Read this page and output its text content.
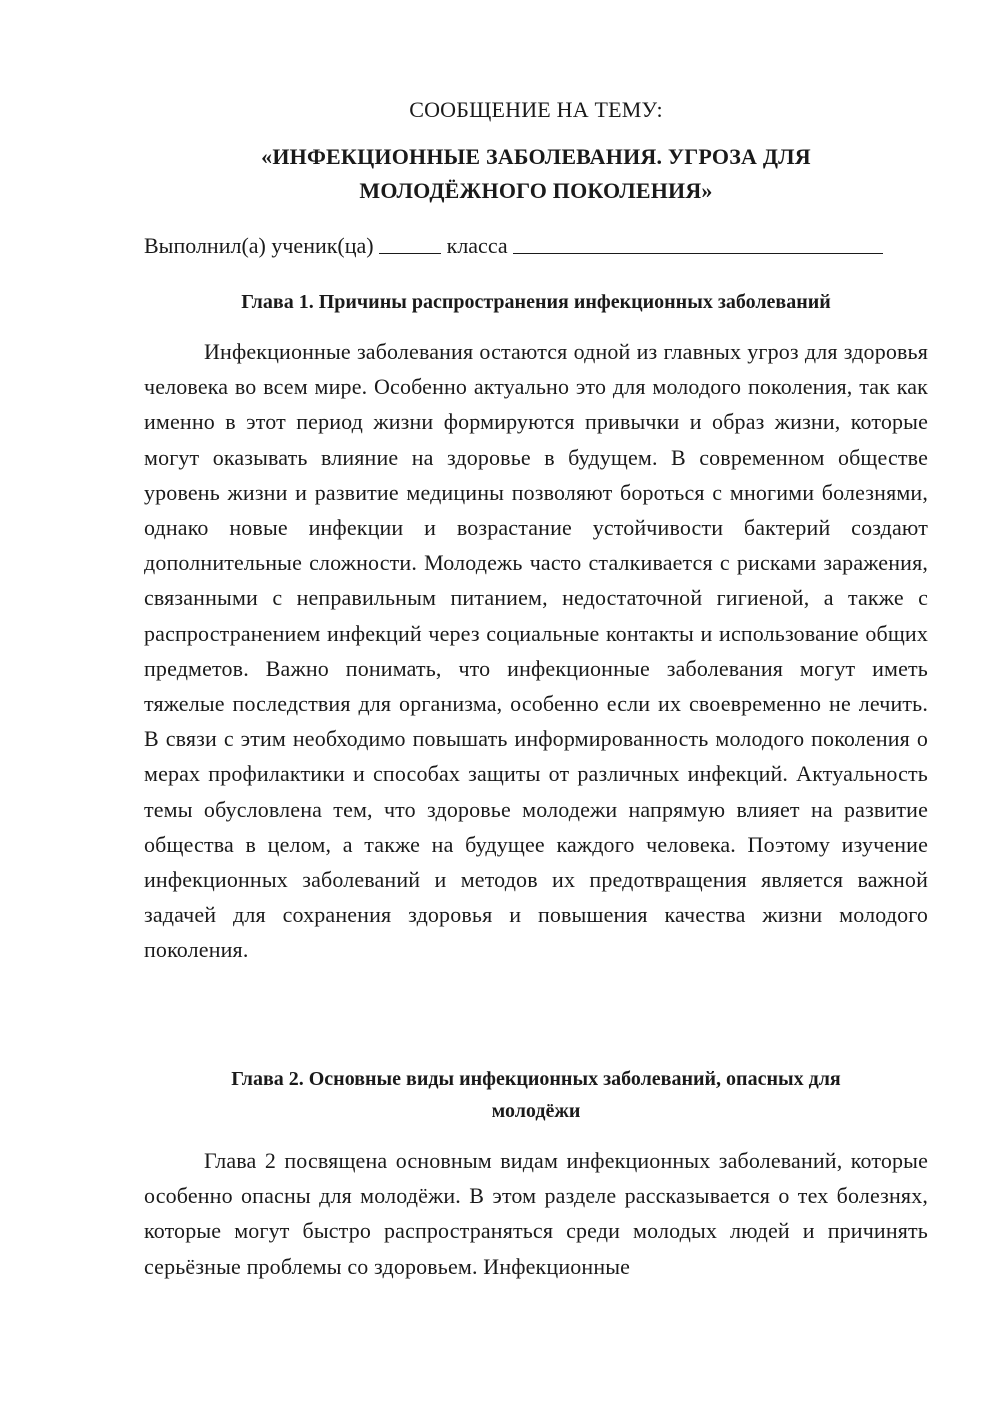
СООБЩЕНИЕ НА ТЕМУ:
«ИНФЕКЦИОННЫЕ ЗАБОЛЕВАНИЯ. УГРОЗА ДЛЯ
МОЛОДЁЖНОГО ПОКОЛЕНИЯ»
Выполнил(а) ученик(ца)	класса
Глава 1. Причины распространения инфекционных заболеваний

Инфекционные заболевания остаются одной из главных угроз для здоровья человека во всем мире. Особенно актуально это для молодого поколения, так как именно в этот период жизни формируются привычки и образ жизни, которые могут оказывать влияние на здоровье в будущем. В современном обществе уровень жизни и развитие медицины позволяют бороться с многими болезнями, однако новые инфекции и возрастание устойчивости бактерий создают дополнительные сложности. Молодежь часто сталкивается с рисками заражения, связанными с неправильным питанием, недостаточной гигиеной, а также с распространением инфекций через социальные контакты и использование общих предметов. Важно понимать, что инфекционные заболевания могут иметь тяжелые последствия для организма, особенно если их своевременно не лечить. В связи с этим необходимо повышать информированность молодого поколения о мерах профилактики и способах защиты от различных инфекций. Актуальность темы обусловлена тем, что здоровье молодежи напрямую влияет на развитие общества в целом, а также на будущее каждого человека. Поэтому изучение инфекционных заболеваний и методов их предотвращения является важной задачей для сохранения здоровья и повышения качества жизни молодого поколения.

Глава 2. Основные виды инфекционных заболеваний, опасных для
молодёжи

Глава 2 посвящена основным видам инфекционных заболеваний, которые особенно опасны для молодёжи. В этом разделе рассказывается о тех болезнях, которые могут быстро распространяться среди молодых людей и причинять серьёзные проблемы со здоровьем. Инфекционные
